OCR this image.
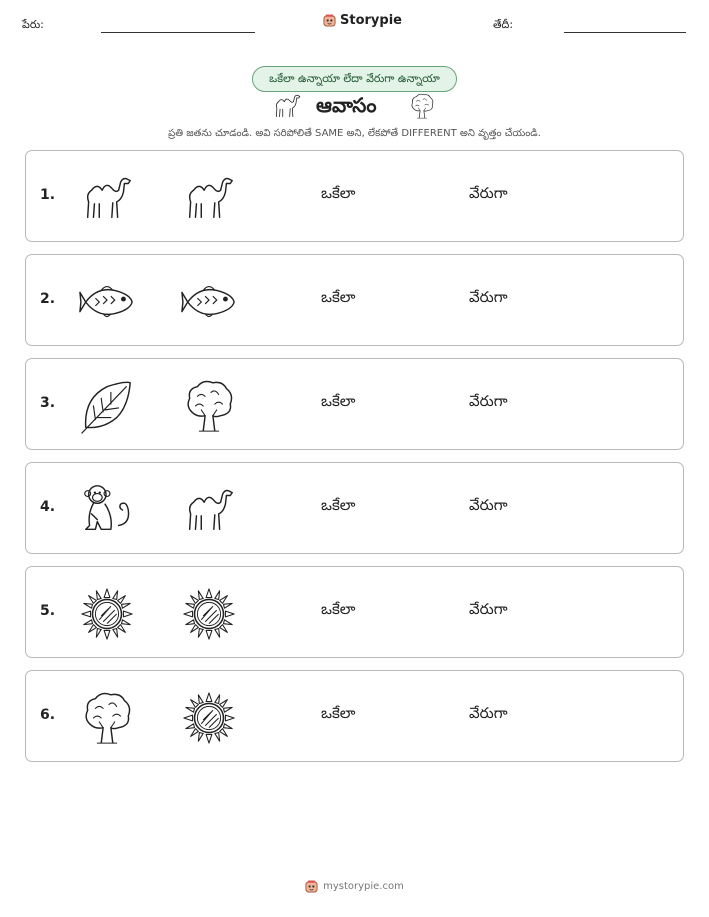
పేరు:	Storypie	తేదీ:
ఒకేలా ఉన్నాయా లేదా వేరుగా ఉన్నాయా
ఆవాసం
ప్రతి జతను చూడండి. అవి సరిపోలితే SAME అని, లేకపోతే DIFFERENT అని వృత్తం చేయండి.
1.	ఒకేలా	వేరుగా
2.	ఒకేలా	వేరుగా
3.	ఒకేలా	వేరుగా
4.	ఒకేలా	వేరుగా
5.	ఒకేలా	వేరుగా
6.	ఒకేలా	వేరుగా
mystorypie.com
